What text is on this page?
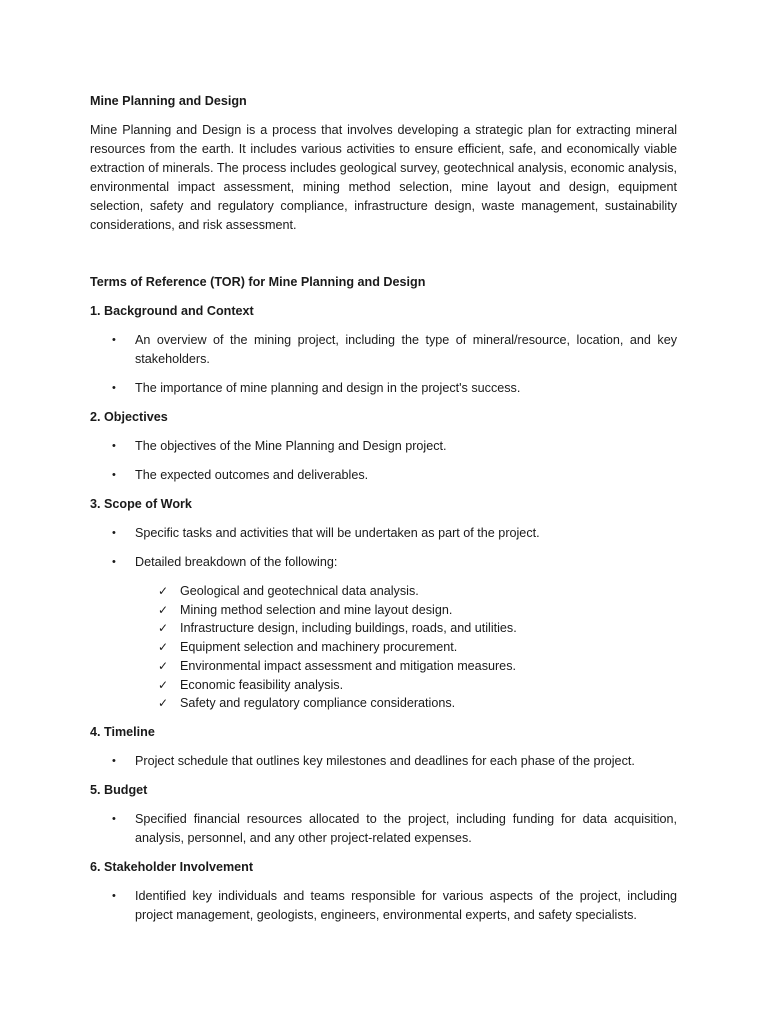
Mine Planning and Design

Mine Planning and Design is a process that involves developing a strategic plan for extracting mineral resources from the earth. It includes various activities to ensure efficient, safe, and economically viable extraction of minerals. The process includes geological survey, geotechnical analysis, economic analysis, environmental impact assessment, mining method selection, mine layout and design, equipment selection, safety and regulatory compliance, infrastructure design, waste management, sustainability considerations, and risk assessment.

Terms of Reference (TOR) for Mine Planning and Design

1. Background and Context

• An overview of the mining project, including the type of mineral/resource, location, and key stakeholders.
• The importance of mine planning and design in the project's success.

2. Objectives

• The objectives of the Mine Planning and Design project.
• The expected outcomes and deliverables.

3. Scope of Work

• Specific tasks and activities that will be undertaken as part of the project.
• Detailed breakdown of the following:
✓ Geological and geotechnical data analysis.
✓ Mining method selection and mine layout design.
✓ Infrastructure design, including buildings, roads, and utilities.
✓ Equipment selection and machinery procurement.
✓ Environmental impact assessment and mitigation measures.
✓ Economic feasibility analysis.
✓ Safety and regulatory compliance considerations.

4. Timeline

• Project schedule that outlines key milestones and deadlines for each phase of the project.

5. Budget

• Specified financial resources allocated to the project, including funding for data acquisition, analysis, personnel, and any other project-related expenses.

6. Stakeholder Involvement

• Identified key individuals and teams responsible for various aspects of the project, including project management, geologists, engineers, environmental experts, and safety specialists.
